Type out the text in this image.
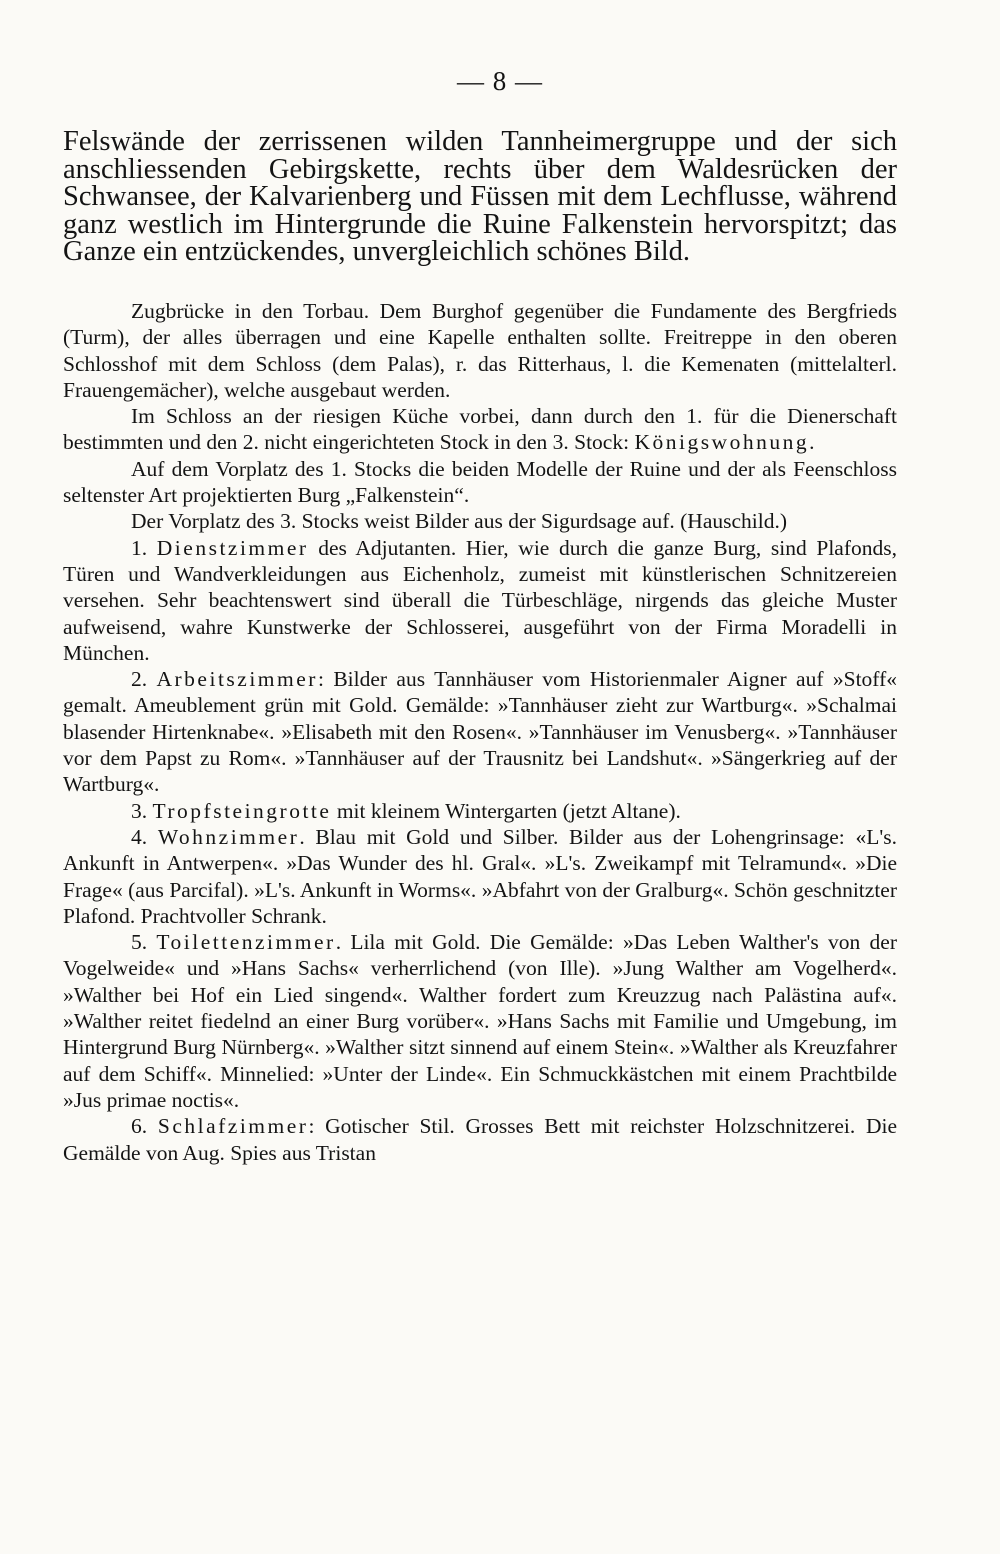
— 8 —
Felswände der zerrissenen wilden Tannheimergruppe und der sich anschliessenden Gebirgskette, rechts über dem Waldesrücken der Schwansee, der Kalvarienberg und Füssen mit dem Lechflusse, während ganz westlich im Hintergrunde die Ruine Falkenstein hervorspitzt; das Ganze ein entzückendes, unvergleichlich schönes Bild.

Zugbrücke in den Torbau. Dem Burghof gegenüber die Fundamente des Bergfrieds (Turm), der alles überragen und eine Kapelle enthalten sollte. Freitreppe in den oberen Schlosshof mit dem Schloss (dem Palas), r. das Ritterhaus, l. die Kemenaten (mittelalterl. Frauengemächer), welche ausgebaut werden.

Im Schloss an der riesigen Küche vorbei, dann durch den 1. für die Dienerschaft bestimmten und den 2. nicht eingerichteten Stock in den 3. Stock: Königswohnung.

Auf dem Vorplatz des 1. Stocks die beiden Modelle der Ruine und der als Feenschloss seltenster Art projektierten Burg „Falkenstein“.

Der Vorplatz des 3. Stocks weist Bilder aus der Sigurdsage auf. (Hauschild.)

1. Dienstzimmer des Adjutanten. Hier, wie durch die ganze Burg, sind Plafonds, Türen und Wandverkleidungen aus Eichenholz, zumeist mit künstlerischen Schnitzereien versehen. Sehr beachtenswert sind überall die Türbeschläge, nirgends das gleiche Muster aufweisend, wahre Kunstwerke der Schlosserei, ausgeführt von der Firma Moradelli in München.

2. Arbeitszimmer: Bilder aus Tannhäuser vom Historienmaler Aigner auf »Stoff« gemalt. Ameublement grün mit Gold. Gemälde: »Tannhäuser zieht zur Wartburg«. »Schalmai blasender Hirtenknabe«. »Elisabeth mit den Rosen«. »Tannhäuser im Venusberg«. »Tannhäuser vor dem Papst zu Rom«. »Tannhäuser auf der Trausnitz bei Landshut«. »Sängerkrieg auf der Wartburg«.

3. Tropfsteingrotte mit kleinem Wintergarten (jetzt Altane).

4. Wohnzimmer. Blau mit Gold und Silber. Bilder aus der Lohengrinsage: «L's. Ankunft in Antwerpen«. »Das Wunder des hl. Gral«. »L's. Zweikampf mit Telramund«. »Die Frage« (aus Parcifal). »L's. Ankunft in Worms«. »Abfahrt von der Gralburg«. Schön geschnitzter Plafond. Prachtvoller Schrank.

5. Toilettenzimmer. Lila mit Gold. Die Gemälde: »Das Leben Walther's von der Vogelweide« und »Hans Sachs« verherrlichend (von Ille). »Jung Walther am Vogelherd«. »Walther bei Hof ein Lied singend«. Walther fordert zum Kreuzzug nach Palästina auf«. »Walther reitet fiedelnd an einer Burg vorüber«. »Hans Sachs mit Familie und Umgebung, im Hintergrund Burg Nürnberg«. »Walther sitzt sinnend auf einem Stein«. »Walther als Kreuzfahrer auf dem Schiff«. Minnelied: »Unter der Linde«. Ein Schmuckkästchen mit einem Prachtbilde »Jus primae noctis«.

6. Schlafzimmer: Gotischer Stil. Grosses Bett mit reichster Holzschnitzerei. Die Gemälde von Aug. Spies aus Tristan
